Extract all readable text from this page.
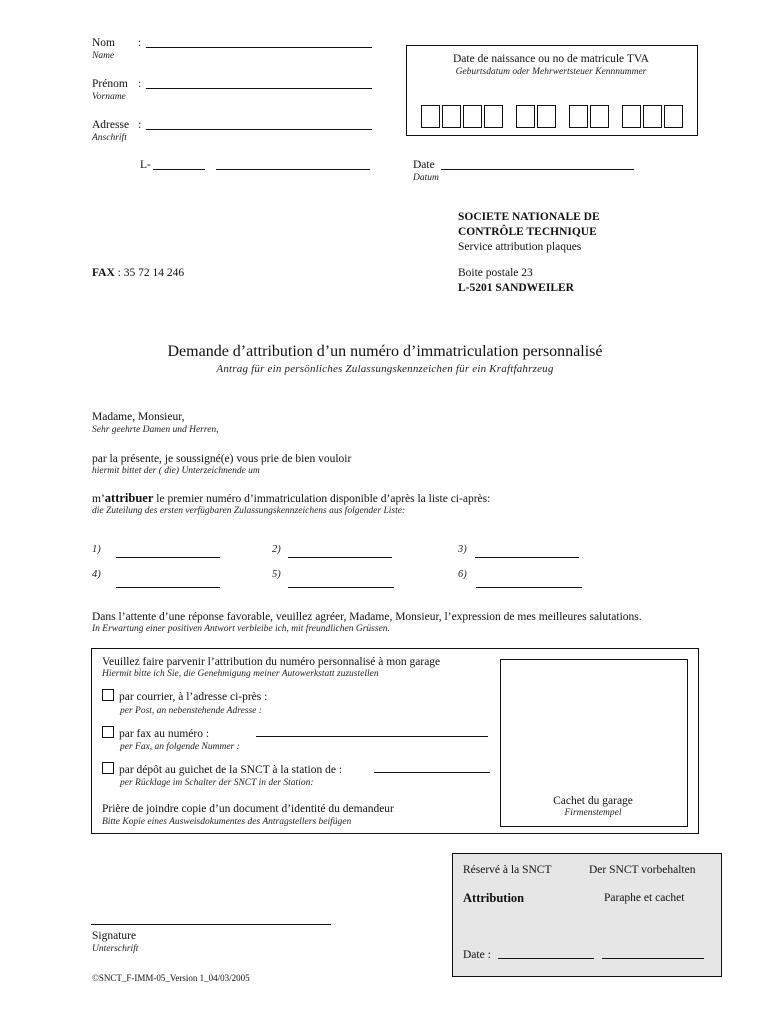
Nom :
Name
Prénom :
Vorname
Adresse :
Anschrift
L-
Date de naissance ou no de matricule TVA
Geburtsdatum oder Mehrwertsteuer Kennnummer
Date
Datum
SOCIETE NATIONALE DE
CONTRÔLE TECHNIQUE
Service attribution plaques
Boite postale 23
L-5201 SANDWEILER
FAX : 35 72 14 246
Demande d’attribution d’un numéro d’immatriculation personnalisé
Antrag für ein persönliches Zulassungskennzeichen für ein Kraftfahrzeug
Madame, Monsieur,
Sehr geehrte Damen und Herren,
par la présente, je soussigné(e) vous prie de bien vouloir
hiermit bittet der ( die) Unterzeichnende um
m’attribuer le premier numéro d’immatriculation disponible d’après la liste ci-après:
die Zuteilung des ersten verfügbaren Zulassungskennzeichens aus folgender Liste:
1)	2)	3)
4)	5)	6)
Dans l’attente d’une réponse favorable, veuillez agréer, Madame, Monsieur, l’expression de mes meilleures salutations.
In Erwartung einer positiven Antwort verbleibe ich, mit freundlichen Grüssen.
Veuillez faire parvenir l’attribution du numéro personnalisé à mon garage
Hiermit bitte ich Sie, die Genehmigung meiner Autowerkstatt zuzustellen
par courrier, à l’adresse ci-près :
per Post, an nebenstehende Adresse :
par fax au numéro :
per Fax, an folgende Nummer :
par dépôt au guichet de la SNCT à la station de :
per Rücklage im Schalter der SNCT in der Station:
Prière de joindre copie d’un document d’identité du demandeur
Bitte Kopie eines Ausweisdokumentes des Antragstellers beifügen
Cachet du garage
Firmenstempel
Réservé à la SNCT	Der SNCT vorbehalten
Attribution	Paraphe et cachet
Date :
Signature
Unterschrift
©SNCT_F-IMM-05_Version 1_04/03/2005
